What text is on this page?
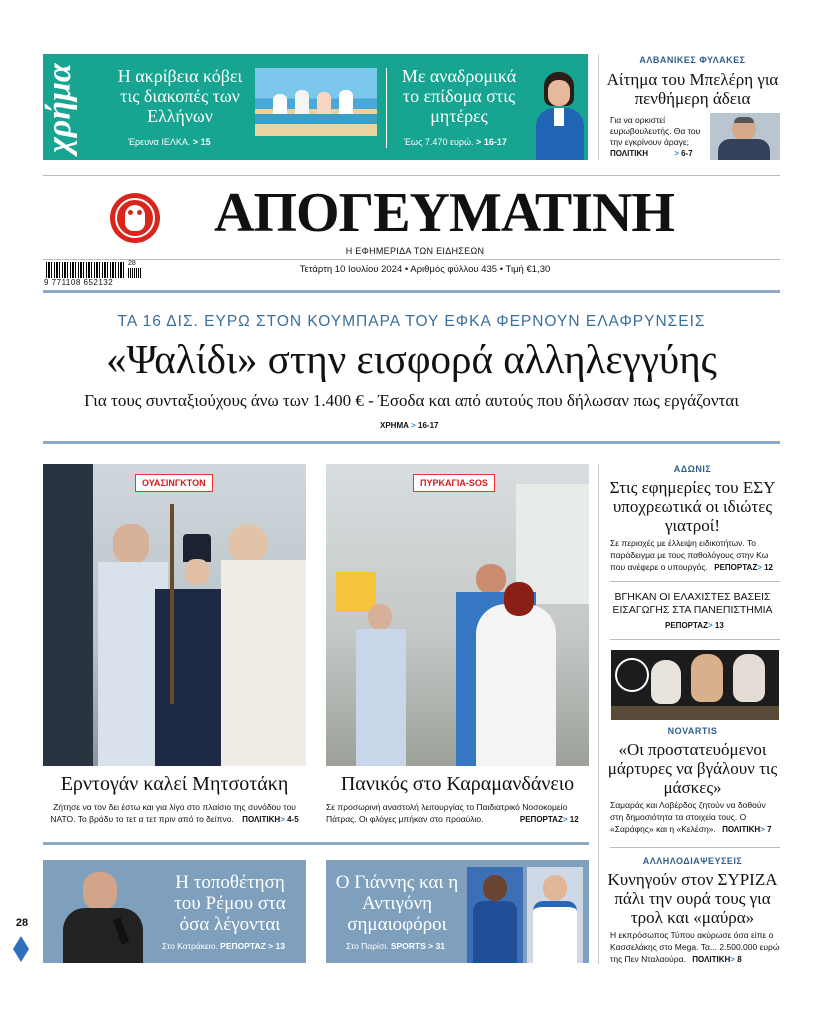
χρήμα	Η ακρίβεια κόβει τις διακοπές των Ελλήνων
Έρευνα ΙΕΛΚΑ. > 15
Με αναδρομικά το επίδομα στις μητέρες
Έως 7.470 ευρώ. > 16-17
ΑΛΒΑΝΙΚΕΣ ΦΥΛΑΚΕΣ
Αίτημα του Μπελέρη για πενθήμερη άδεια
Για να ορκιστεί ευρωβουλευτής. Θα του την εγκρίνουν άραγε;
ΠΟΛΙΤΙΚΗ	> 6-7
ΑΠΟΓΕΥΜΑΤΙΝΗ
Η ΕΦΗΜΕΡΙΔΑ ΤΩΝ ΕΙΔΗΣΕΩΝ
28
9 771108 652132
Τετάρτη 10 Ιουλίου 2024 • Αριθμός φύλλου 435 • Τιμή €1,30
ΤΑ 16 ΔΙΣ. ΕΥΡΩ ΣΤΟΝ ΚΟΥΜΠΑΡΑ ΤΟΥ ΕΦΚΑ ΦΕΡΝΟΥΝ ΕΛΑΦΡΥΝΣΕΙΣ
«Ψαλίδι» στην εισφορά αλληλεγγύης
Για τους συνταξιούχους άνω των 1.400 € - Έσοδα και από αυτούς που δήλωσαν πως εργάζονται
ΧΡΗΜΑ > 16-17
ΟΥΑΣΙΝΓΚΤΟΝ
Ερντογάν καλεί Μητσοτάκη
Ζήτησε να τον δει έστω και για λίγο στο πλαίσιο της συνόδου του ΝΑΤΟ. Το βράδυ το τετ α τετ πριν από το δείπνο. ΠΟΛΙΤΙΚΗ> 4-5
ΠΥΡΚΑΓΙΑ-SOS
Πανικός στο Καραμανδάνειο
Σε προσωρινή αναστολή λειτουργίας το Παιδιατρικό Νοσοκομείο Πάτρας. Οι φλόγες μπήκαν στο προαύλιο.	ΡΕΠΟΡΤΑΖ> 12
ΑΔΩΝΙΣ
Στις εφημερίες του ΕΣΥ υποχρεωτικά οι ιδιώτες γιατροί!
Σε περιοχές με έλλειψη ειδικοτήτων. Το παράδειγμα με τους παθολόγους στην Κω που ανέφερε ο υπουργός. ΡΕΠΟΡΤΑΖ> 12
ΒΓΗΚΑΝ ΟΙ ΕΛΑΧΙΣΤΕΣ ΒΑΣΕΙΣ ΕΙΣΑΓΩΓΗΣ ΣΤΑ ΠΑΝΕΠΙΣΤΗΜΙΑ
ΡΕΠΟΡΤΑΖ> 13
NOVARTIS
«Οι προστατευόμενοι μάρτυρες να βγάλουν τις μάσκες»
Σαμαράς και Λοβέρδος ζητούν να δοθούν στη δημοσιότητα τα στοιχεία τους. Ο «Σαράφης» και η «Κελέση». ΠΟΛΙΤΙΚΗ> 7
ΑΛΛΗΛΟΔΙΑΨΕΥΣΕΙΣ
Κυνηγούν στον ΣΥΡΙΖΑ πάλι την ουρά τους για τρολ και «μαύρα»
Η εκπρόσωπος Τύπου ακύρωσε όσα είπε ο Κασσελάκης στο Mega. Τα... 2.500.000 ευρώ της Πεν Νταλαούρα. ΠΟΛΙΤΙΚΗ> 8
Η τοποθέτηση του Ρέμου στα όσα λέγονται
Στο Κατράκειο. ΡΕΠΟΡΤΑΖ > 13
Ο Γιάννης και η Αντιγόνη σημαιοφόροι
Στο Παρίσι. SPORTS > 31
28
